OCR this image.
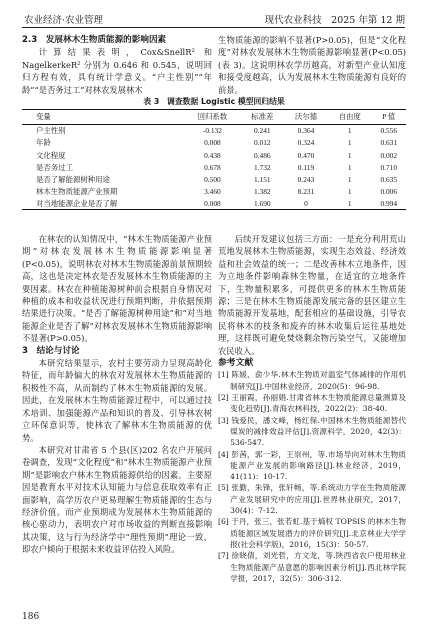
农业经济·农业管理	现代农业科技　2025 年第 12 期

2.3　发展林木生物质能源的影响因素

计算结果表明，Cox&SnellR² 和 NagelkerkeR² 分别为 0.646 和 0.545，说明回归方程有效，具有统计学意义。“户主性别”“年龄”“是否务过工”对林农发展林木

生物质能源的影响不显著(P>0.05)，但是“文化程度”对林农发展林木生物质能源影响显著(P<0.05)(表 3)。这说明林农学历越高，对新型产业认知度和接受度越高，认为发展林木生物质能源有良好的前景。

表 3　调查数据 Logistic 模型回归结果
变量	回归系数	标准差	沃尔德	自由度	P 值
户主性别	-0.132	0.241	0.364	1	0.556
年龄	0.008	0.012	0.324	1	0.631
文化程度	0.438	0.486	0.470	1	0.002
是否务过工	0.678	1.732	0.119	1	0.710
是否了解能源树种用途	0.500	1.151	0.243	1	0.635
林木生物质能源产业预期	3.460	1.382	8.231	1	0.006
对当地能源企业是否了解	0.008	1.690	0	1	0.994

在林农的认知情况中，“林木生物质能源产业预期”对林农发展林木生物质能源影响显著(P<0.05)，说明林农对林木生物质能源前景预期较高，这也是决定林农是否发展林木生物质能源的主要因素。林农在种植能源树种前会根据自身情况对种植的成本和收益状况进行预期判断，并依据预期结果进行决策。“是否了解能源树种用途”和“对当地能源企业是否了解”对林农发展林木生物质能源影响不显著(P>0.05)。

3　结论与讨论

本研究结果显示，农村主要劳动力呈现高龄化特征，而年龄偏大的林农对发展林木生物质能源的积极性不高，从而制约了林木生物质能源的发展。因此，在发展林木生物质能源过程中，可以通过技术培训、加强能源产品和知识的普及、引导林农树立环保意识等，使林农了解林木生物质能源的优势。

本研究对甘肃省 5 个县(区)202 名农户开展问卷调查，发现“文化程度”和“林木生物质能源产业预期”是影响农户林木生物质能源供给的因素。主要原因是教育水平对技术认知能力与信息获取效率有正面影响，高学历农户更易理解生物质能源的生态与经济价值。而产业预期成为发展林木生物质能源的核心驱动力，表明农户对市场收益的判断直接影响其决策，这与行为经济学中“理性预期”理论一致，即农户倾向于根据未来收益评估投入风险。

后续开发建议包括三方面：一是充分利用荒山荒地发展林木生物质能源，实现生态效益、经济效益和社会效益的统一；二是改善林木立地条件，因为立地条件影响森林生物量，在适宜的立地条件下，生物量积累多，可提供更多的林木生物质能源；三是在林木生物质能源发展完备的县区建立生物质能源开发基地，配套相应的基础设施，引导农民将林木的枝条和废弃的林木收集后运往基地处理，这样既可避免焚烧剩余物污染空气，又能增加农民收入。

参考文献

[1] 陈媛，俞少华.林木生物质对温室气体减排的作用机制研究[J].中国林业经济，2020(5)：96-98.

[2] 王丽霞，孙丽娟.甘肃省林木生物质能源总量测算及变化趋势[J].青海农林科技，2022(2)：38-40.

[3] 钱爱民，潘文峰，杨红保.中国林木生物质能源替代煤炭的减排效益评估[J].资源科学，2020，42(3)：536-547.

[4] 彭茜，郭一彩，王崇州，等.市场导向对林木生物质能源产业发展的影响路径[J].林业经济，2019，41(11)：10-17.

[5] 张勤，朱锋，张轩畅，等.系统动力学在生物质能源产业发展研究中的应用[J].世界林业研究，2017，30(4)：7-12.

[6] 于丹，张三，张若虹.基于熵权 TOPSIS 的林木生物质能源区域发展潜力的评价研究[J].北京林业大学学报(社会科学版)，2016，15(3)：50-57.

[7] 徐晓倩，刘光哲，方文龙，等.陕西省农户使用林业生物质能源产品意愿的影响因素分析[J].西北林学院学报，2017，32(5)：306-312.

186
